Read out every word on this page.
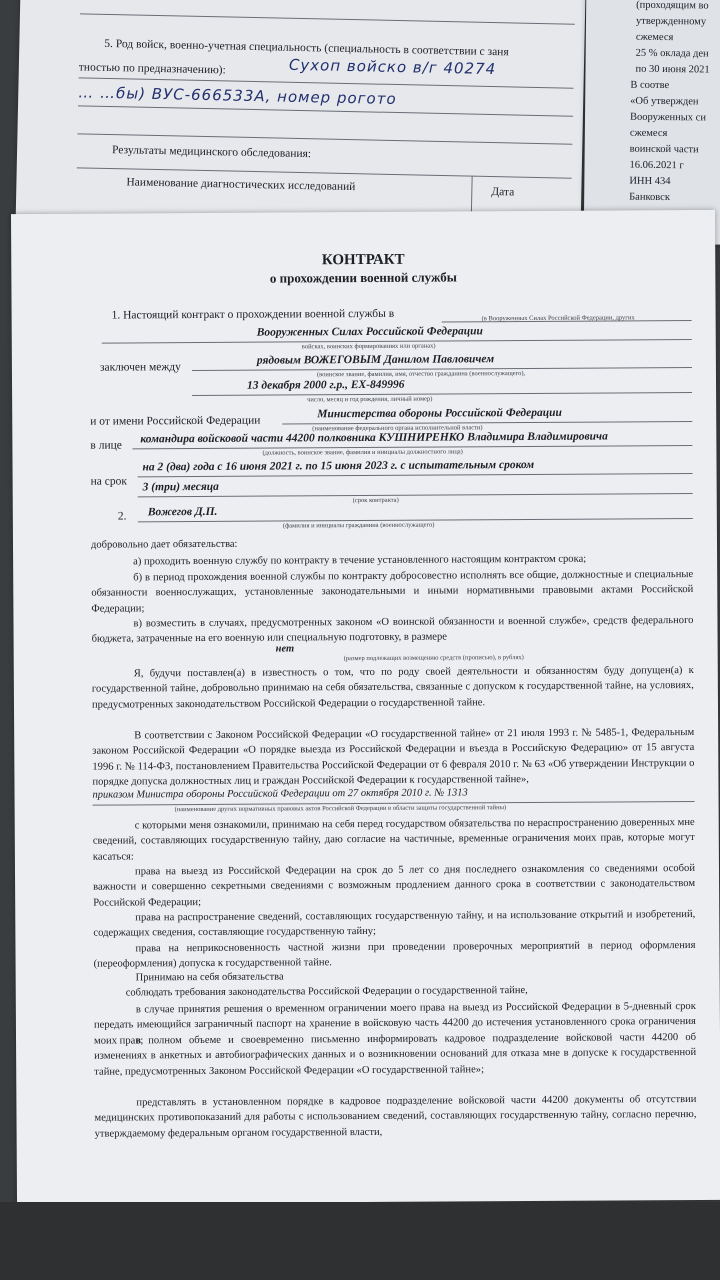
5. Род войск, военно-учетная специальность (специальность в соответствии с заня
тностью по предназначению):	Сухоп войско в/г 40274
… …бы) ВУС-666533А, номер рогото
Результаты медицинского обследования:
Наименование диагностических исследований	Дата
(проходящим во
утвержденному
сжемеся
25 % оклада ден
по 30 июня 2021
В соотве
«Об утвержден
Вооруженных си
сжемеся
воинской части
16.06.2021 г
ИНН 434
Банковск
КОНТРАКТ
о прохождении военной службы
1. Настоящий контракт о прохождении военной службы в	(в Вооруженных Силах Российской Федерации, других
Вооруженных Силах Российской Федерации
войсках, воинских формированиях или органах)
заключен между
рядовым ВОЖЕГОВЫМ Данилом Павловичем
(воинское звание, фамилия, имя, отчество гражданина (военнослужащего),
13 декабря 2000 г.р., ЕХ-849996
число, месяц и год рождения, личный номер)
и от имени Российской Федерации
Министерства обороны Российской Федерации
(наименование федерального органа исполнительной власти)
в лице
командира войсковой части 44200 полковника КУШНИРЕНКО Владимира Владимировича
(должность, воинское звание, фамилия и инициалы должностного лица)
на срок
на 2 (два) года с 16 июня 2021 г. по 15 июня 2023 г. с испытательным сроком
3 (три) месяца
(срок контракта)
2. Вожегов Д.П.
(фамилия и инициалы гражданина (военнослужащего)
добровольно дает обязательства:
а) проходить военную службу по контракту в течение установленного настоящим контрактом срока;
б) в период прохождения военной службы по контракту добросовестно исполнять все общие, должностные и специальные обязанности военнослужащих, установленные законодательными и иными нормативными правовыми актами Российской Федерации;
в) возместить в случаях, предусмотренных законом «О воинской обязанности и военной службе», средств федерального бюджета, затраченные на его военную или специальную подготовку, в размере
нет
(размер подлежащих возмещению средств (прописью), в рублях)
Я, будучи поставлен(а) в известность о том, что по роду своей деятельности и обязанностям буду допущен(а) к государственной тайне, добровольно принимаю на себя обязательства, связанные с допуском к государственной тайне, на условиях, предусмотренных законодательством Российской Федерации о государственной тайне.
В соответствии с Законом Российской Федерации «О государственной тайне» от 21 июля 1993 г. № 5485-1, Федеральным законом Российской Федерации «О порядке выезда из Российской Федерации и въезда в Российскую Федерацию» от 15 августа 1996 г. № 114-ФЗ, постановлением Правительства Российской Федерации от 6 февраля 2010 г. № 63 «Об утверждении Инструкции о порядке допуска должностных лиц и граждан Российской Федерации к государственной тайне»,
приказом Министра обороны Российской Федерации от 27 октября 2010 г. № 1313
(наименование других нормативных правовых актов Российской Федерации в области защиты государственной тайны)
с которыми меня ознакомили, принимаю на себя перед государством обязательства по нераспространению доверенных мне сведений, составляющих государственную тайну, даю согласие на частичные, временные ограничения моих прав, которые могут касаться:
права на выезд из Российской Федерации на срок до 5 лет со дня последнего ознакомления со сведениями особой важности и совершенно секретными сведениями с возможным продлением данного срока в соответствии с законодательством Российской Федерации;
права на распространение сведений, составляющих государственную тайну, и на использование открытий и изобретений, содержащих сведения, составляющие государственную тайну;
права на неприкосновенность частной жизни при проведении проверочных мероприятий в период оформления (переоформления) допуска к государственной тайне.
Принимаю на себя обязательства
соблюдать требования законодательства Российской Федерации о государственной тайне,
в случае принятия решения о временном ограничении моего права на выезд из Российской Федерации в 5-дневный срок передать имеющийся заграничный паспорт на хранение в войсковую часть 44200 до истечения установленного срока ограничения моих прав;
в полном объеме и своевременно письменно информировать кадровое подразделение войсковой части 44200 об изменениях в анкетных и автобиографических данных и о возникновении оснований для отказа мне в допуске к государственной тайне, предусмотренных Законом Российской Федерации «О государственной тайне»;
представлять в установленном порядке в кадровое подразделение войсковой части 44200 документы об отсутствии медицинских противопоказаний для работы с использованием сведений, составляющих государственную тайну, согласно перечню, утверждаемому федеральным органом государственной власти,
